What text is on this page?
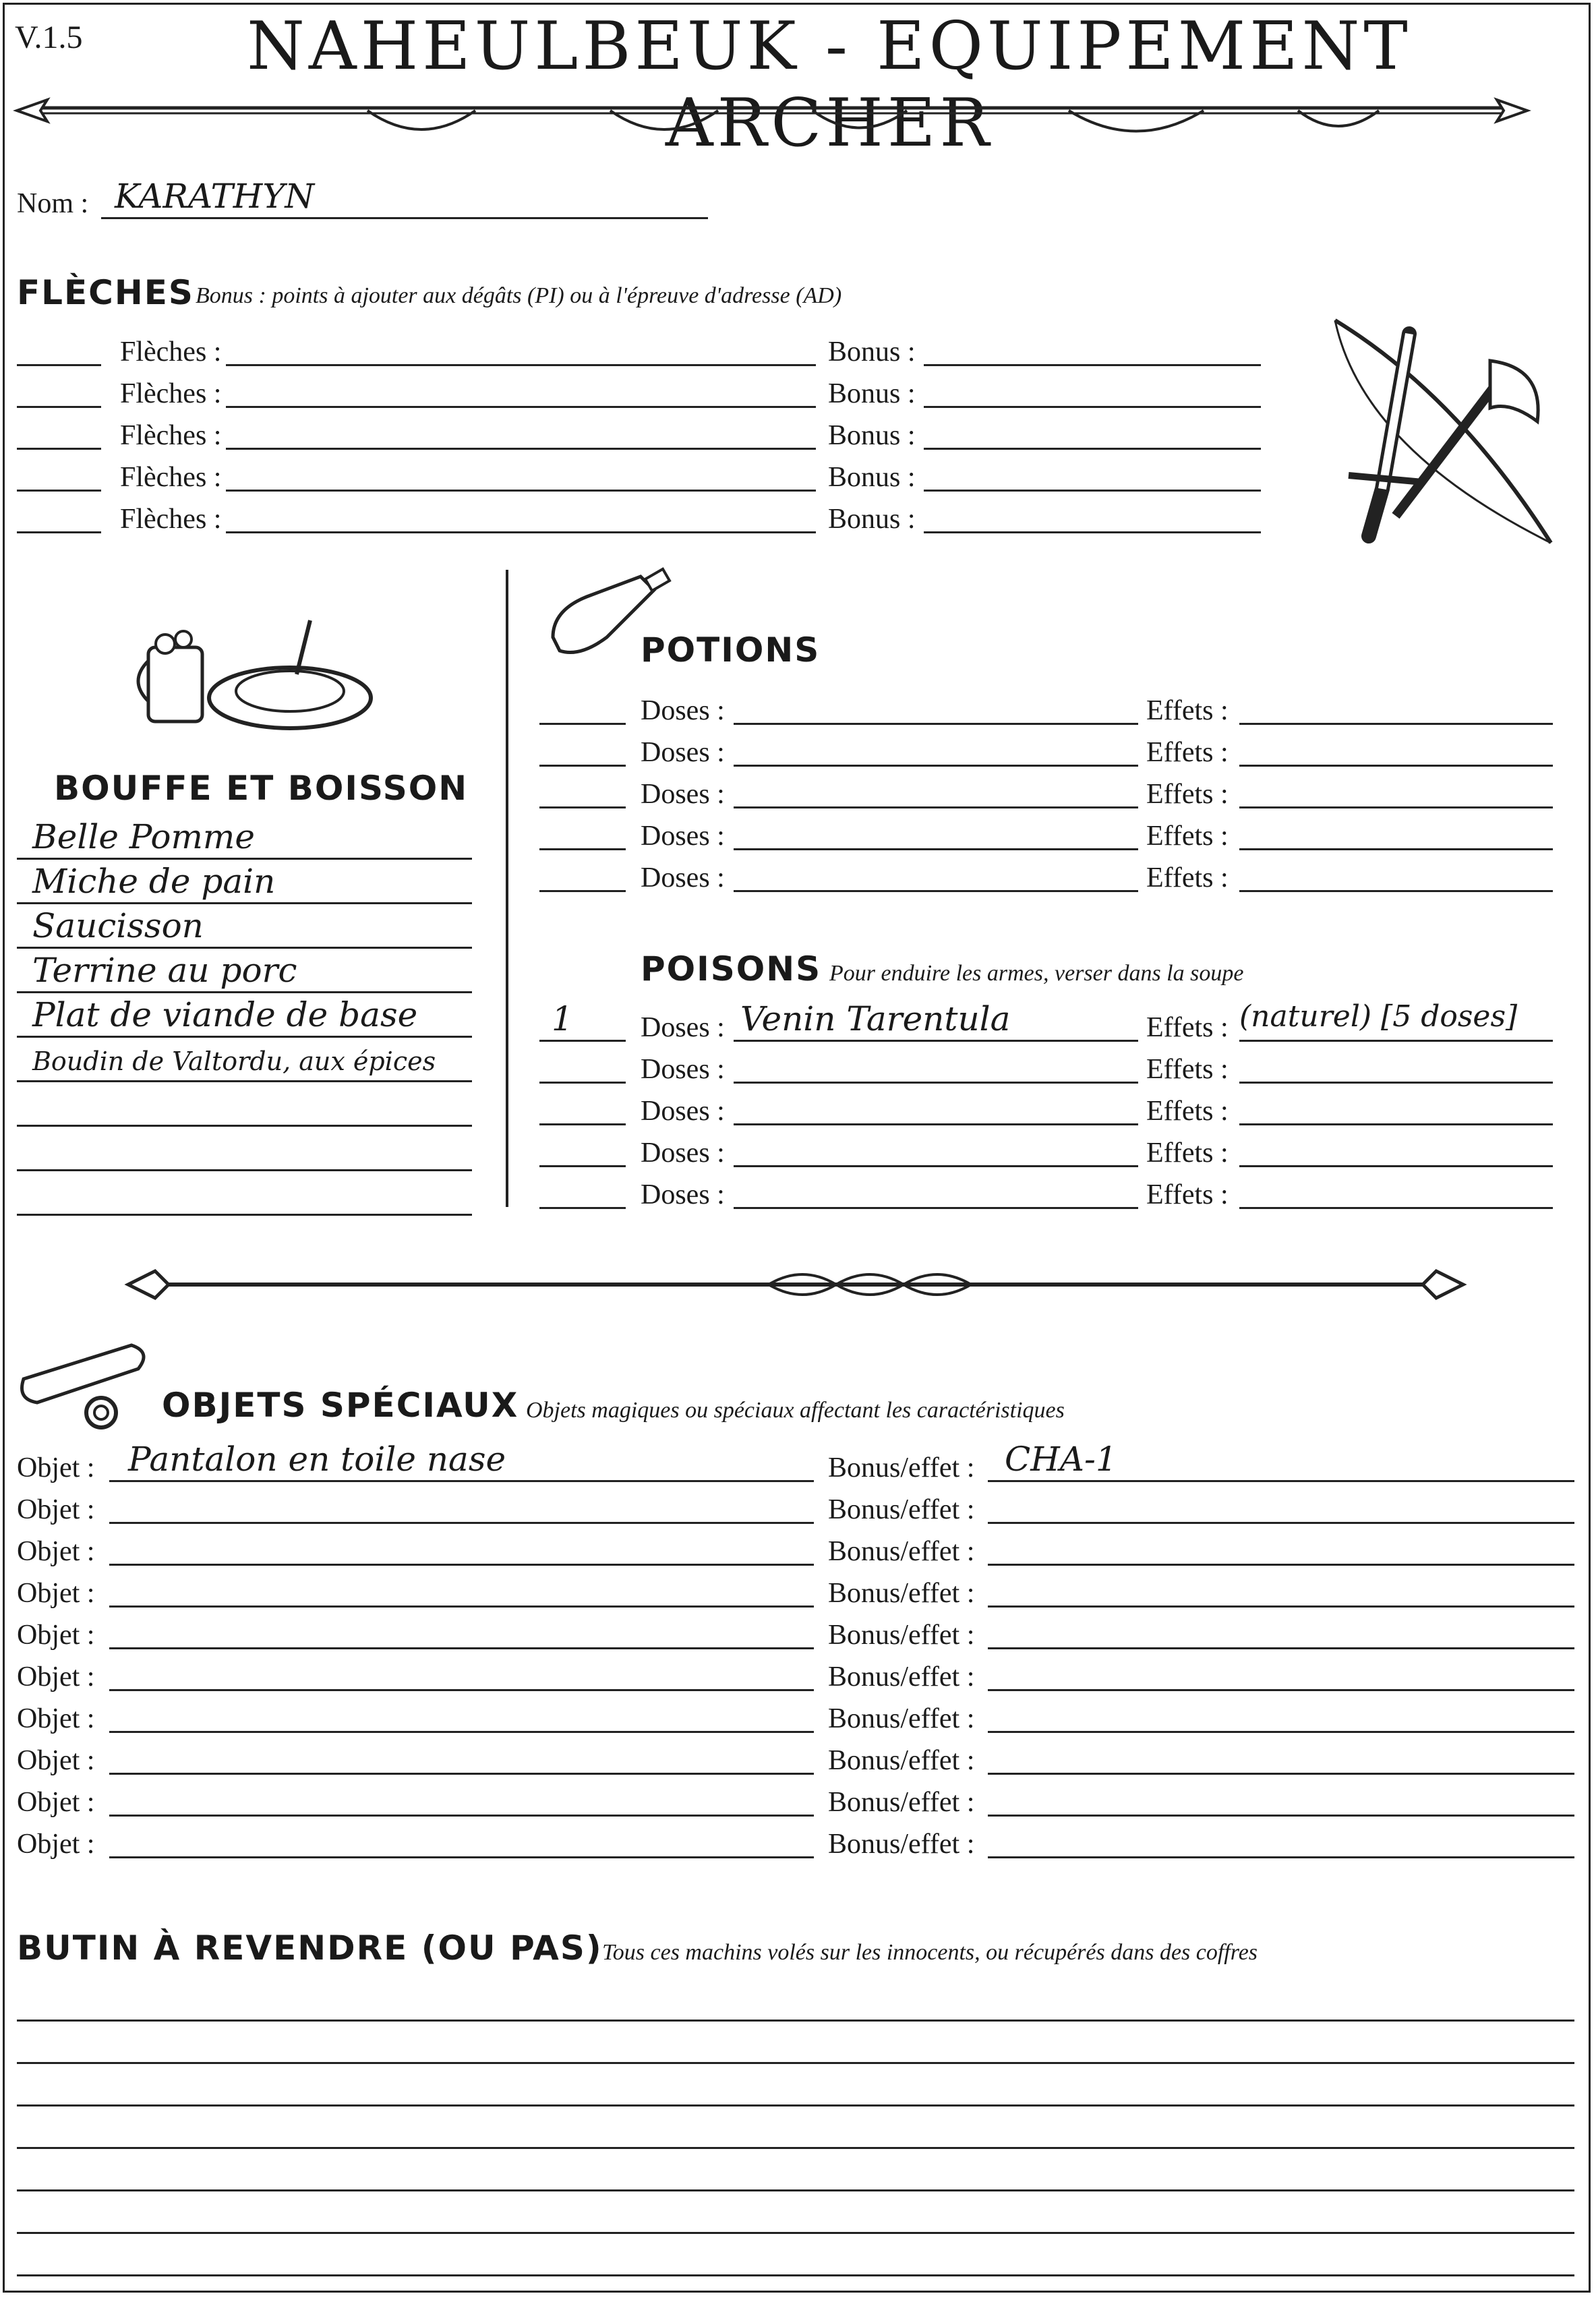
V.1.5	NAHEULBEUK - EQUIPEMENT ARCHER
Nom : KARATHYN
FLÈCHES Bonus : points à ajouter aux dégâts (PI) ou à l'épreuve d'adresse (AD)
Flèches :	Bonus :
Flèches :	Bonus :
Flèches :	Bonus :
Flèches :	Bonus :
Flèches :	Bonus :
BOUFFE ET BOISSON
Belle Pomme
Miche de pain
Saucisson
Terrine au porc
Plat de viande de base
Boudin de Valtordu, aux épices
POTIONS
Doses :	Effets :
Doses :	Effets :
Doses :	Effets :
Doses :	Effets :
Doses :	Effets :
POISONS Pour enduire les armes, verser dans la soupe
1 Doses : Venin Tarentula	Effets : (naturel) [5 doses]
Doses :	Effets :
Doses :	Effets :
Doses :	Effets :
Doses :	Effets :
OBJETS SPÉCIAUX Objets magiques ou spéciaux affectant les caractéristiques
Objet : Pantalon en toile nase	Bonus/effet : CHA-1
Objet :	Bonus/effet :
Objet :	Bonus/effet :
Objet :	Bonus/effet :
Objet :	Bonus/effet :
Objet :	Bonus/effet :
Objet :	Bonus/effet :
Objet :	Bonus/effet :
Objet :	Bonus/effet :
Objet :	Bonus/effet :
BUTIN À REVENDRE (OU PAS) Tous ces machins volés sur les innocents, ou récupérés dans des coffres
